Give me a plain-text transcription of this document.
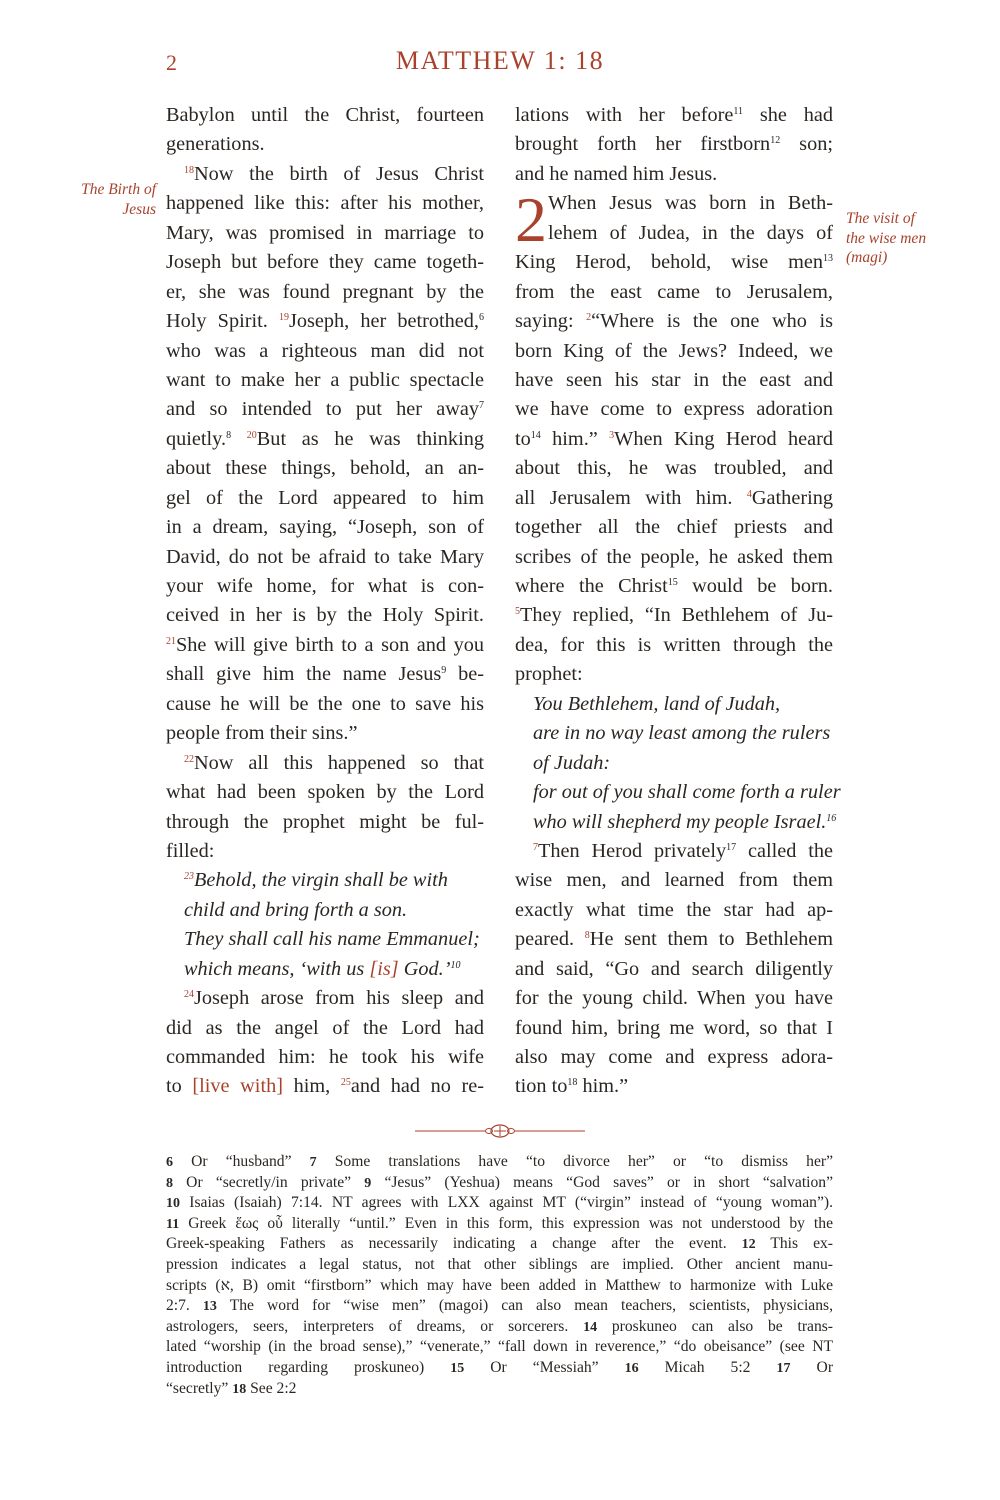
2	MATTHEW 1: 18
The Birth of
Jesus
The visit of
the wise men
(magi)
Babylon until the Christ, fourteen
generations.
$^{18}$Now the birth of Jesus Christ
happened like this: after his mother,
Mary, was promised in marriage to
Joseph but before they came togeth-
er, she was found pregnant by the
Holy Spirit. $^{19}$Joseph, her betrothed,$^6$
who was a righteous man did not
want to make her a public spectacle
and so intended to put her away$^7$
quietly.$^8$ $^{20}$But as he was thinking
about these things, behold, an an-
gel of the Lord appeared to him
in a dream, saying, “Joseph, son of
David, do not be afraid to take Mary
your wife home, for what is con-
ceived in her is by the Holy Spirit.
$^{21}$She will give birth to a son and you
shall give him the name Jesus$^9$ be-
cause he will be the one to save his
people from their sins.”
$^{22}$Now all this happened so that
what had been spoken by the Lord
through the prophet might be ful-
filled:
$^{23}$Behold, the virgin shall be with
child and bring forth a son.
They shall call his name Emmanuel;
which means, ‘with us [is] God.’$^{10}$
$^{24}$Joseph arose from his sleep and
did as the angel of the Lord had
commanded him: he took his wife
to [live with] him, $^{25}$and had no re-
lations with her before$^{11}$ she had
brought forth her firstborn$^{12}$ son;
and he named him Jesus.
When Jesus was born in Beth-
lehem of Judea, in the days of
King Herod, behold, wise men$^{13}$
from the east came to Jerusalem,
saying: $^2$“Where is the one who is
born King of the Jews? Indeed, we
have seen his star in the east and
we have come to express adoration
$to^{14}$ him.” $^3$When King Herod heard
about this, he was troubled, and
all Jerusalem with him. $^4$Gathering
together all the chief priests and
scribes of the people, he asked them
where the Christ$^{15}$ would be born.
$^5$They replied, “In Bethlehem of Ju-
dea, for this is written through the
prophet:
You Bethlehem, land of Judah,
are in no way least among the rulers
of Judah:
for out of you shall come forth a ruler
who will shepherd my people Israel.$^{16}$
$^7$Then Herod privately$^{17}$ called the
wise men, and learned from them
exactly what time the star had ap-
peared. $^8$He sent them to Bethlehem
and said, “Go and search diligently
for the young child. When you have
found him, bring me word, so that I
also may come and express adora-
tion $to^{18}$ him.”
2
6 Or “husband” 7 Some translations have “to divorce her” or “to dismiss her”
8 Or “secretly/in private” 9 “Jesus” (Yeshua) means “God saves” or in short “salvation”
10 Isaias (Isaiah) 7:14. NT agrees with LXX against MT (“virgin” instead of “young woman”).
11 Greek ἕως οὗ literally “until.” Even in this form, this expression was not understood by the
Greek-speaking Fathers as necessarily indicating a change after the event. 12 This ex-
pression indicates a legal status, not that other siblings are implied. Other ancient manu-
scripts (א, B) omit “firstborn” which may have been added in Matthew to harmonize with Luke
2:7. 13 The word for “wise men” (magoi) can also mean teachers, scientists, physicians,
astrologers, seers, interpreters of dreams, or sorcerers. 14 proskuneo can also be trans-
lated “worship (in the broad sense),” “venerate,” “fall down in reverence,” “do obeisance” (see NT
introduction regarding proskuneo) 15 Or “Messiah” 16 Micah 5:2 17 Or
“secretly” 18 See 2:2
